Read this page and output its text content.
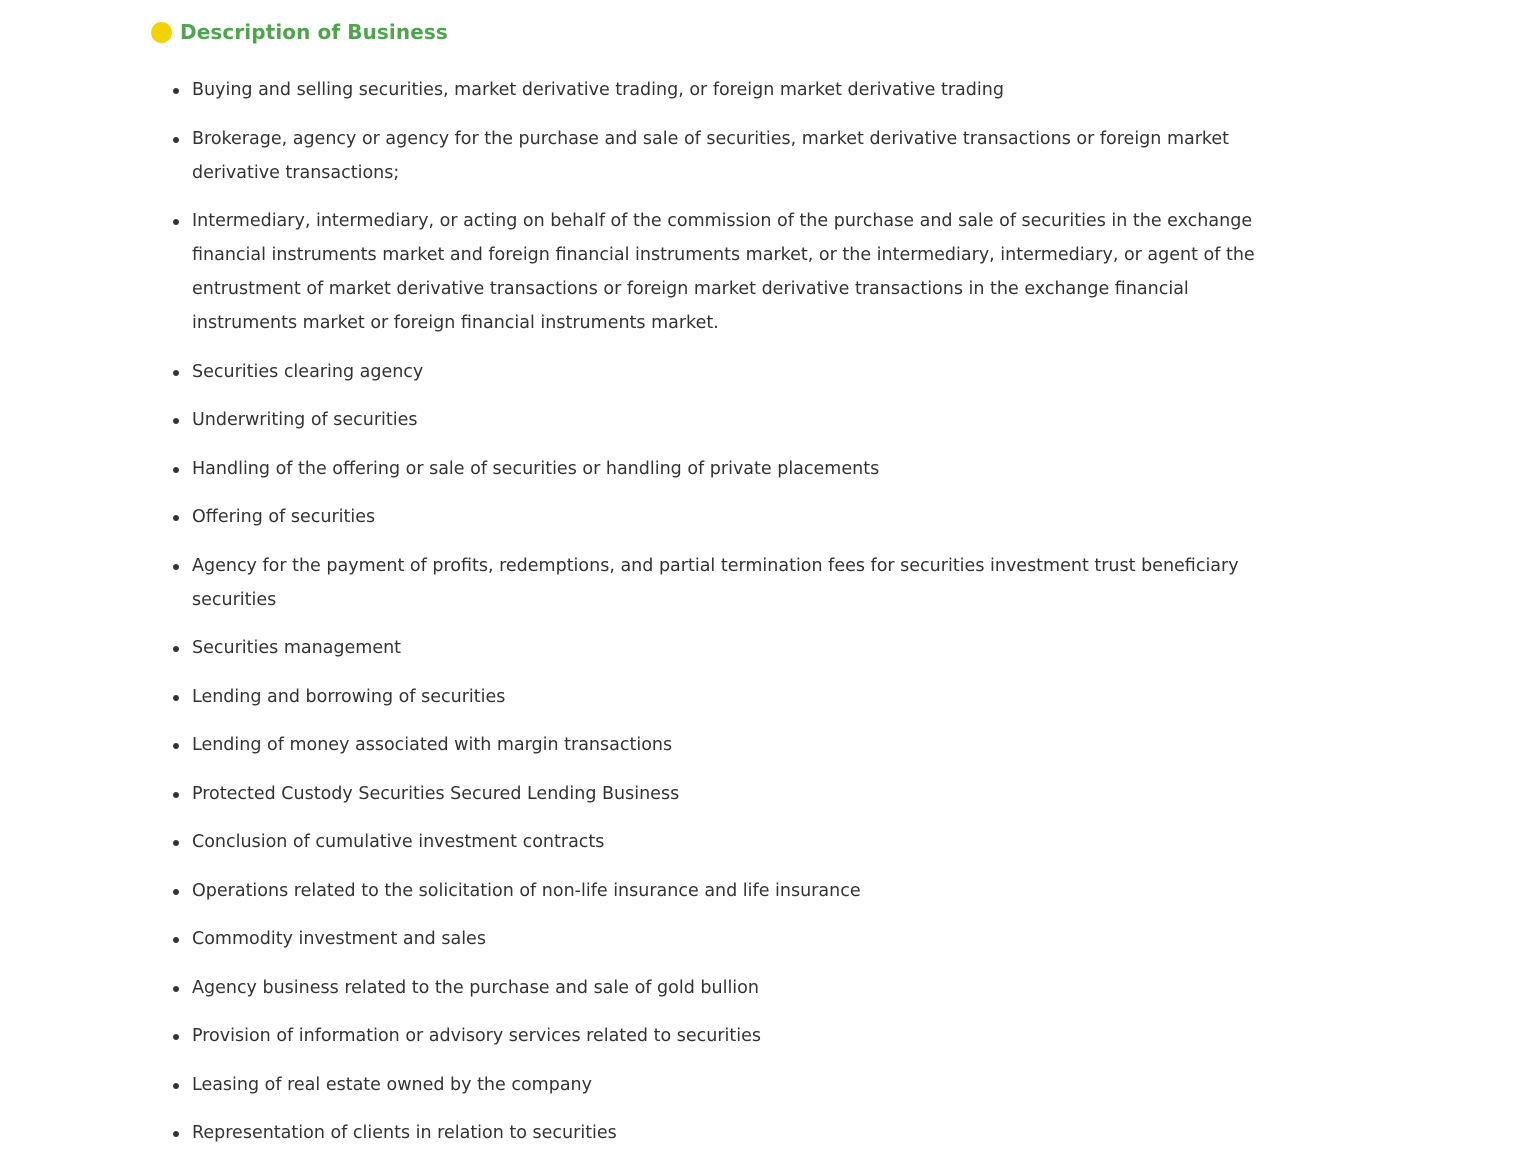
Description of Business
Buying and selling securities, market derivative trading, or foreign market derivative trading
Brokerage, agency or agency for the purchase and sale of securities, market derivative transactions or foreign market derivative transactions;
Intermediary, intermediary, or acting on behalf of the commission of the purchase and sale of securities in the exchange financial instruments market and foreign financial instruments market, or the intermediary, intermediary, or agent of the entrustment of market derivative transactions or foreign market derivative transactions in the exchange financial instruments market or foreign financial instruments market.
Securities clearing agency
Underwriting of securities
Handling of the offering or sale of securities or handling of private placements
Offering of securities
Agency for the payment of profits, redemptions, and partial termination fees for securities investment trust beneficiary securities
Securities management
Lending and borrowing of securities
Lending of money associated with margin transactions
Protected Custody Securities Secured Lending Business
Conclusion of cumulative investment contracts
Operations related to the solicitation of non-life insurance and life insurance
Commodity investment and sales
Agency business related to the purchase and sale of gold bullion
Provision of information or advisory services related to securities
Leasing of real estate owned by the company
Representation of clients in relation to securities
